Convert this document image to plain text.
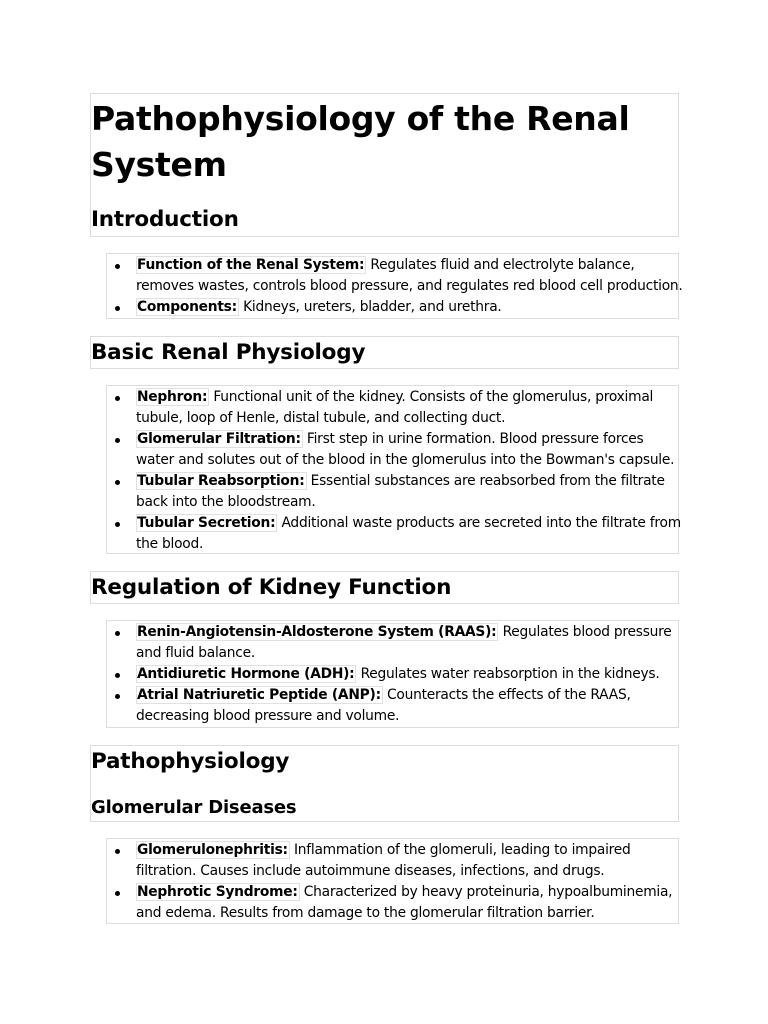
Pathophysiology of the Renal System
Introduction
Basic Renal Physiology
Regulation of Kidney Function
Pathophysiology
Glomerular Diseases
Function of the Renal System: Regulates fluid and electrolyte balance, removes wastes, controls blood pressure, and regulates red blood cell production.
Components: Kidneys, ureters, bladder, and urethra.
Nephron: Functional unit of the kidney. Consists of the glomerulus, proximal tubule, loop of Henle, distal tubule, and collecting duct.
Glomerular Filtration: First step in urine formation. Blood pressure forces water and solutes out of the blood in the glomerulus into the Bowman's capsule.
Tubular Reabsorption: Essential substances are reabsorbed from the filtrate back into the bloodstream.
Tubular Secretion: Additional waste products are secreted into the filtrate from the blood.
Renin-Angiotensin-Aldosterone System (RAAS): Regulates blood pressure and fluid balance.
Antidiuretic Hormone (ADH): Regulates water reabsorption in the kidneys.
Atrial Natriuretic Peptide (ANP): Counteracts the effects of the RAAS, decreasing blood pressure and volume.
Glomerulonephritis: Inflammation of the glomeruli, leading to impaired filtration. Causes include autoimmune diseases, infections, and drugs.
Nephrotic Syndrome: Characterized by heavy proteinuria, hypoalbuminemia, and edema. Results from damage to the glomerular filtration barrier.
